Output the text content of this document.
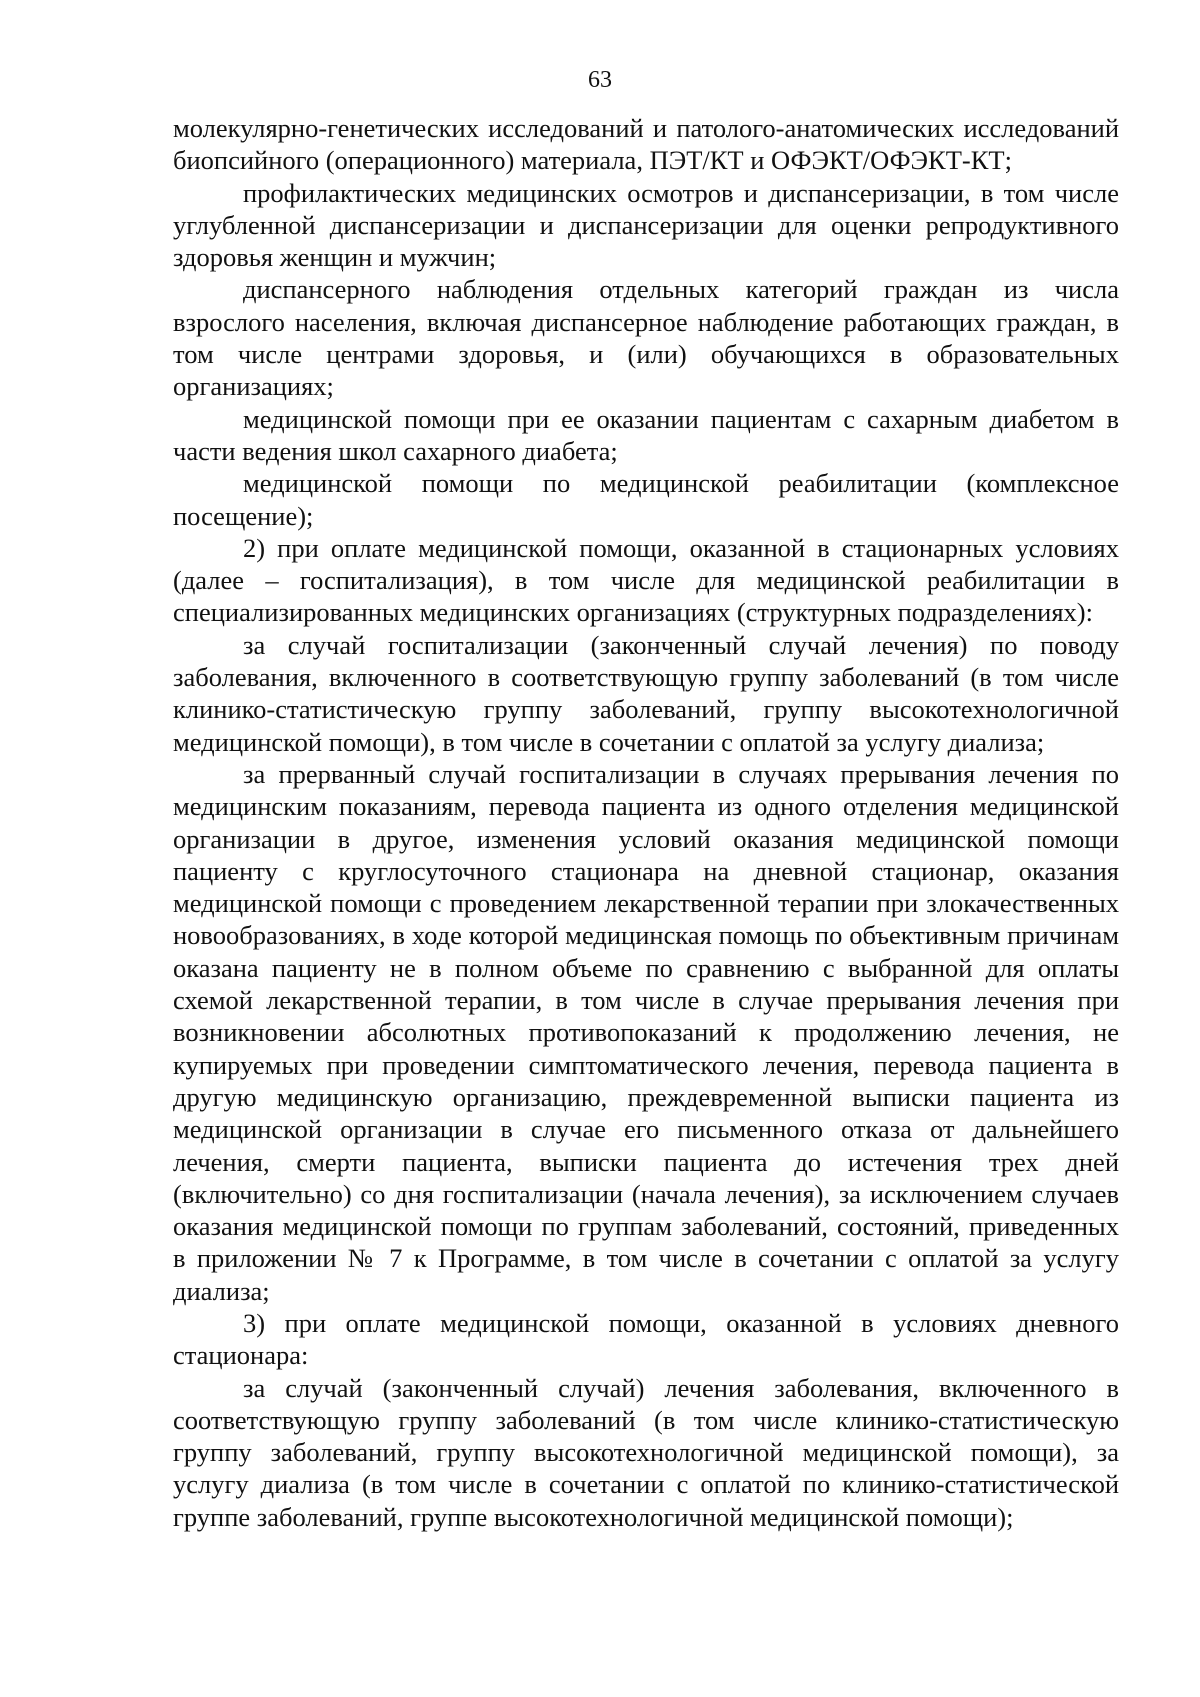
63

молекулярно-генетических исследований и патолого-анатомических исследований биопсийного (операционного) материала, ПЭТ/КТ и ОФЭКТ/ОФЭКТ-КТ;

профилактических медицинских осмотров и диспансеризации, в том числе углубленной диспансеризации и диспансеризации для оценки репродуктивного здоровья женщин и мужчин;

диспансерного наблюдения отдельных категорий граждан из числа взрослого населения, включая диспансерное наблюдение работающих граждан, в том числе центрами здоровья, и (или) обучающихся в образовательных организациях;

медицинской помощи при ее оказании пациентам с сахарным диабетом в части ведения школ сахарного диабета;

медицинской помощи по медицинской реабилитации (комплексное посещение);

2) при оплате медицинской помощи, оказанной в стационарных условиях (далее – госпитализация), в том числе для медицинской реабилитации в специализированных медицинских организациях (структурных подразделениях):

за случай госпитализации (законченный случай лечения) по поводу заболевания, включенного в соответствующую группу заболеваний (в том числе клинико-статистическую группу заболеваний, группу высокотехнологичной медицинской помощи), в том числе в сочетании с оплатой за услугу диализа;

за прерванный случай госпитализации в случаях прерывания лечения по медицинским показаниям, перевода пациента из одного отделения медицинской организации в другое, изменения условий оказания медицинской помощи пациенту с круглосуточного стационара на дневной стационар, оказания медицинской помощи с проведением лекарственной терапии при злокачественных новообразованиях, в ходе которой медицинская помощь по объективным причинам оказана пациенту не в полном объеме по сравнению с выбранной для оплаты схемой лекарственной терапии, в том числе в случае прерывания лечения при возникновении абсолютных противопоказаний к продолжению лечения, не купируемых при проведении симптоматического лечения, перевода пациента в другую медицинскую организацию, преждевременной выписки пациента из медицинской организации в случае его письменного отказа от дальнейшего лечения, смерти пациента, выписки пациента до истечения трех дней (включительно) со дня госпитализации (начала лечения), за исключением случаев оказания медицинской помощи по группам заболеваний, состояний, приведенных в приложении № 7 к Программе, в том числе в сочетании с оплатой за услугу диализа;

3) при оплате медицинской помощи, оказанной в условиях дневного стационара:

за случай (законченный случай) лечения заболевания, включенного в соответствующую группу заболеваний (в том числе клинико-статистическую группу заболеваний, группу высокотехнологичной медицинской помощи), за услугу диализа (в том числе в сочетании с оплатой по клинико-статистической группе заболеваний, группе высокотехнологичной медицинской помощи);
